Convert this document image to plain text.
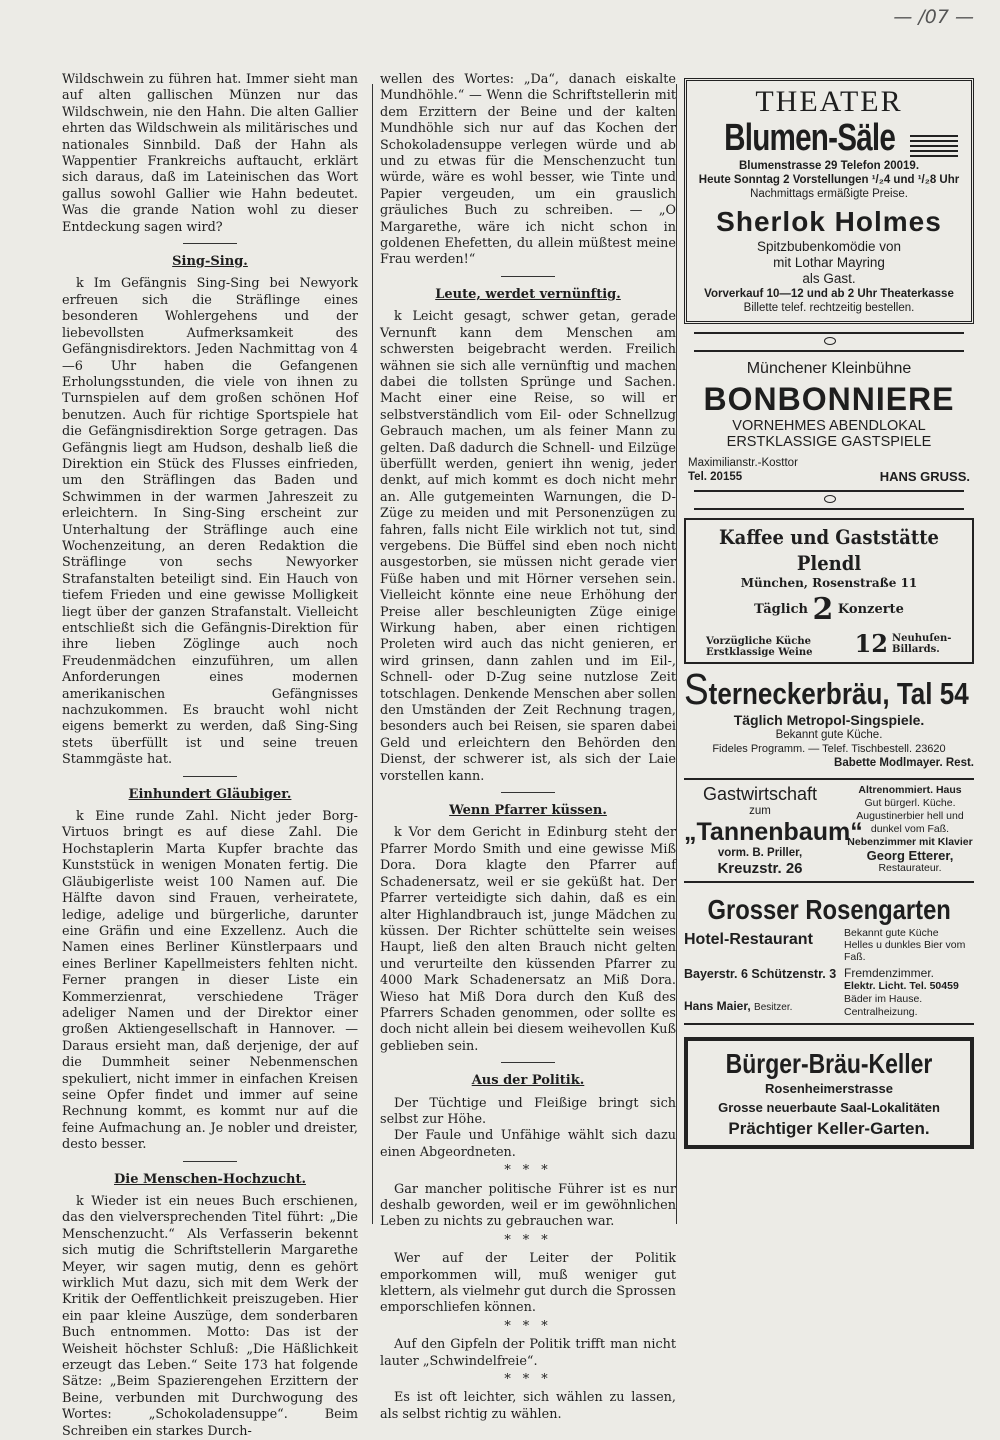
— /07 —

Wildschwein zu führen hat. Immer sieht man auf alten gallischen Münzen nur das Wildschwein, nie den Hahn. Die alten Gallier ehrten das Wildschwein als militärisches und nationales Sinnbild. Daß der Hahn als Wappentier Frankreichs auftaucht, erklärt sich daraus, daß im Lateinischen das Wort gallus sowohl Gallier wie Hahn bedeutet. Was die grande Nation wohl zu dieser Entdeckung sagen wird?

Sing-Sing.

k Im Gefängnis Sing-Sing bei Newyork erfreuen sich die Sträflinge eines besonderen Wohlergehens und der liebevollsten Aufmerksamkeit des Gefängnisdirektors. Jeden Nachmittag von 4—6 Uhr haben die Gefangenen Erholungsstunden, die viele von ihnen zu Turnspielen auf dem großen schönen Hof benutzen. Auch für richtige Sportspiele hat die Gefängnisdirektion Sorge getragen. Das Gefängnis liegt am Hudson, deshalb ließ die Direktion ein Stück des Flusses einfrieden, um den Sträflingen das Baden und Schwimmen in der warmen Jahreszeit zu erleichtern. In Sing-Sing erscheint zur Unterhaltung der Sträflinge auch eine Wochenzeitung, an deren Redaktion die Sträflinge von sechs Newyorker Strafanstalten beteiligt sind. Ein Hauch von tiefem Frieden und eine gewisse Molligkeit liegt über der ganzen Strafanstalt. Vielleicht entschließt sich die Gefängnis-Direktion für ihre lieben Zöglinge auch noch Freudenmädchen einzuführen, um allen Anforderungen eines modernen amerikanischen Gefängnisses nachzukommen. Es braucht wohl nicht eigens bemerkt zu werden, daß Sing-Sing stets überfüllt ist und seine treuen Stammgäste hat.

Einhundert Gläubiger.

k Eine runde Zahl. Nicht jeder Borg-Virtuos bringt es auf diese Zahl. Die Hochstaplerin Marta Kupfer brachte das Kunststück in wenigen Monaten fertig. Die Gläubigerliste weist 100 Namen auf. Die Hälfte davon sind Frauen, verheiratete, ledige, adelige und bürgerliche, darunter eine Gräfin und eine Exzellenz. Auch die Namen eines Berliner Künstlerpaars und eines Berliner Kapellmeisters fehlten nicht. Ferner prangen in dieser Liste ein Kommerzienrat, verschiedene Träger adeliger Namen und der Direktor einer großen Aktiengesellschaft in Hannover. — Daraus ersieht man, daß derjenige, der auf die Dummheit seiner Nebenmenschen spekuliert, nicht immer in einfachen Kreisen seine Opfer findet und immer auf seine Rechnung kommt, es kommt nur auf die feine Aufmachung an. Je nobler und dreister, desto besser.

Die Menschen-Hochzucht.

k Wieder ist ein neues Buch erschienen, das den vielversprechenden Titel führt: „Die Menschenzucht.“ Als Verfasserin bekennt sich mutig die Schriftstellerin Margarethe Meyer, wir sagen mutig, denn es gehört wirklich Mut dazu, sich mit dem Werk der Kritik der Oeffentlichkeit preiszugeben. Hier ein paar kleine Auszüge, dem sonderbaren Buch entnommen. Motto: Das ist der Weisheit höchster Schluß: „Die Häßlichkeit erzeugt das Leben.“ Seite 173 hat folgende Sätze: „Beim Spazierengehen Erzittern der Beine, verbunden mit Durchwogung des Wortes: „Schokoladensuppe“. Beim Schreiben ein starkes Durch-

wellen des Wortes: „Da“, danach eiskalte Mundhöhle.“ — Wenn die Schriftstellerin mit dem Erzittern der Beine und der kalten Mundhöhle sich nur auf das Kochen der Schokoladensuppe verlegen würde und ab und zu etwas für die Menschenzucht tun würde, wäre es wohl besser, wie Tinte und Papier vergeuden, um ein grauslich gräuliches Buch zu schreiben. — „O Margarethe, wäre ich nicht schon in goldenen Ehefetten, du allein müßtest meine Frau werden!“

Leute, werdet vernünftig.

k Leicht gesagt, schwer getan, gerade Vernunft kann dem Menschen am schwersten beigebracht werden. Freilich wähnen sie sich alle vernünftig und machen dabei die tollsten Sprünge und Sachen. Macht einer eine Reise, so will er selbstverständlich vom Eil- oder Schnellzug Gebrauch machen, um als feiner Mann zu gelten. Daß dadurch die Schnell- und Eilzüge überfüllt werden, geniert ihn wenig, jeder denkt, auf mich kommt es doch nicht mehr an. Alle gutgemeinten Warnungen, die D-Züge zu meiden und mit Personenzügen zu fahren, falls nicht Eile wirklich not tut, sind vergebens. Die Büffel sind eben noch nicht ausgestorben, sie müssen nicht gerade vier Füße haben und mit Hörner versehen sein. Vielleicht könnte eine neue Erhöhung der Preise aller beschleunigten Züge einige Wirkung haben, aber einen richtigen Proleten wird auch das nicht genieren, er wird grinsen, dann zahlen und im Eil-, Schnell- oder D-Zug seine nutzlose Zeit totschlagen. Denkende Menschen aber sollen den Umständen der Zeit Rechnung tragen, besonders auch bei Reisen, sie sparen dabei Geld und erleichtern den Behörden den Dienst, der schwerer ist, als sich der Laie vorstellen kann.

Wenn Pfarrer küssen.

k Vor dem Gericht in Edinburg steht der Pfarrer Mordo Smith und eine gewisse Miß Dora. Dora klagte den Pfarrer auf Schadenersatz, weil er sie geküßt hat. Der Pfarrer verteidigte sich dahin, daß es ein alter Highlandbrauch ist, junge Mädchen zu küssen. Der Richter schüttelte sein weises Haupt, ließ den alten Brauch nicht gelten und verurteilte den küssenden Pfarrer zu 4000 Mark Schadenersatz an Miß Dora. Wieso hat Miß Dora durch den Kuß des Pfarrers Schaden genommen, oder sollte es doch nicht allein bei diesem weihevollen Kuß geblieben sein.

Aus der Politik.

Der Tüchtige und Fleißige bringt sich selbst zur Höhe.

Der Faule und Unfähige wählt sich dazu einen Abgeordneten.

* * *

Gar mancher politische Führer ist es nur deshalb geworden, weil er im gewöhnlichen Leben zu nichts zu gebrauchen war.

* * *

Wer auf der Leiter der Politik emporkommen will, muß weniger gut klettern, als vielmehr gut durch die Sprossen emporschliefen können.

* * *

Auf den Gipfeln der Politik trifft man nicht lauter „Schwindelfreie“.

* * *

Es ist oft leichter, sich wählen zu lassen, als selbst richtig zu wählen.

THEATER
Blumen-Säle
Blumenstrasse 29 Telefon 20019.
Heute Sonntag 2 Vorstellungen ¹/₂4 und ¹/₂8 Uhr
Nachmittags ermäßigte Preise.
Sherlok Holmes
Spitzbubenkomödie von
mit Lothar Mayring
als Gast.
Vorverkauf 10—12 und ab 2 Uhr Theaterkasse
Billette telef. rechtzeitig bestellen.
Münchener Kleinbühne
BONBONNIERE
VORNEHMES ABENDLOKAL
ERSTKLASSIGE GASTSPIELE
Maximilianstr.-Kosttor
Tel. 20155	HANS GRUSS.
Kaffee und Gaststätte Plendl
München, Rosenstraße 11
Täglich 2 Konzerte
Vorzügliche Küche
Erstklassige Weine 12 Neuhuſen-Billards.
Sterneckerbräu, Tal 54
Täglich Metropol-Singspiele.
Bekannt gute Küche.
Fideles Programm. — Telef. Tischbestell. 23620
Babette Modlmayer. Rest.
Gastwirtschaft
zum
„Tannenbaum“
vorm. B. Priller,
Kreuzstr. 26
Altrenommiert. Haus
Gut bürgerl. Küche.
Augustinerbier hell und dunkel vom Faß.
Nebenzimmer mit Klavier
Georg Etterer,
Restaurateur.
Grosser Rosengarten
Hotel-Restaurant	Bekannt gute Küche
Helles u dunkles Bier vom Faß.
Bayerstr. 6 Schützenstr. 3
Hans Maier, Besitzer.
Fremdenzimmer.
Elektr. Licht. Tel. 50459
Bäder im Hause.
Centralheizung.
Bürger-Bräu-Keller
Rosenheimerstrasse
Grosse neuerbaute Saal-Lokalitäten
Prächtiger Keller-Garten.
